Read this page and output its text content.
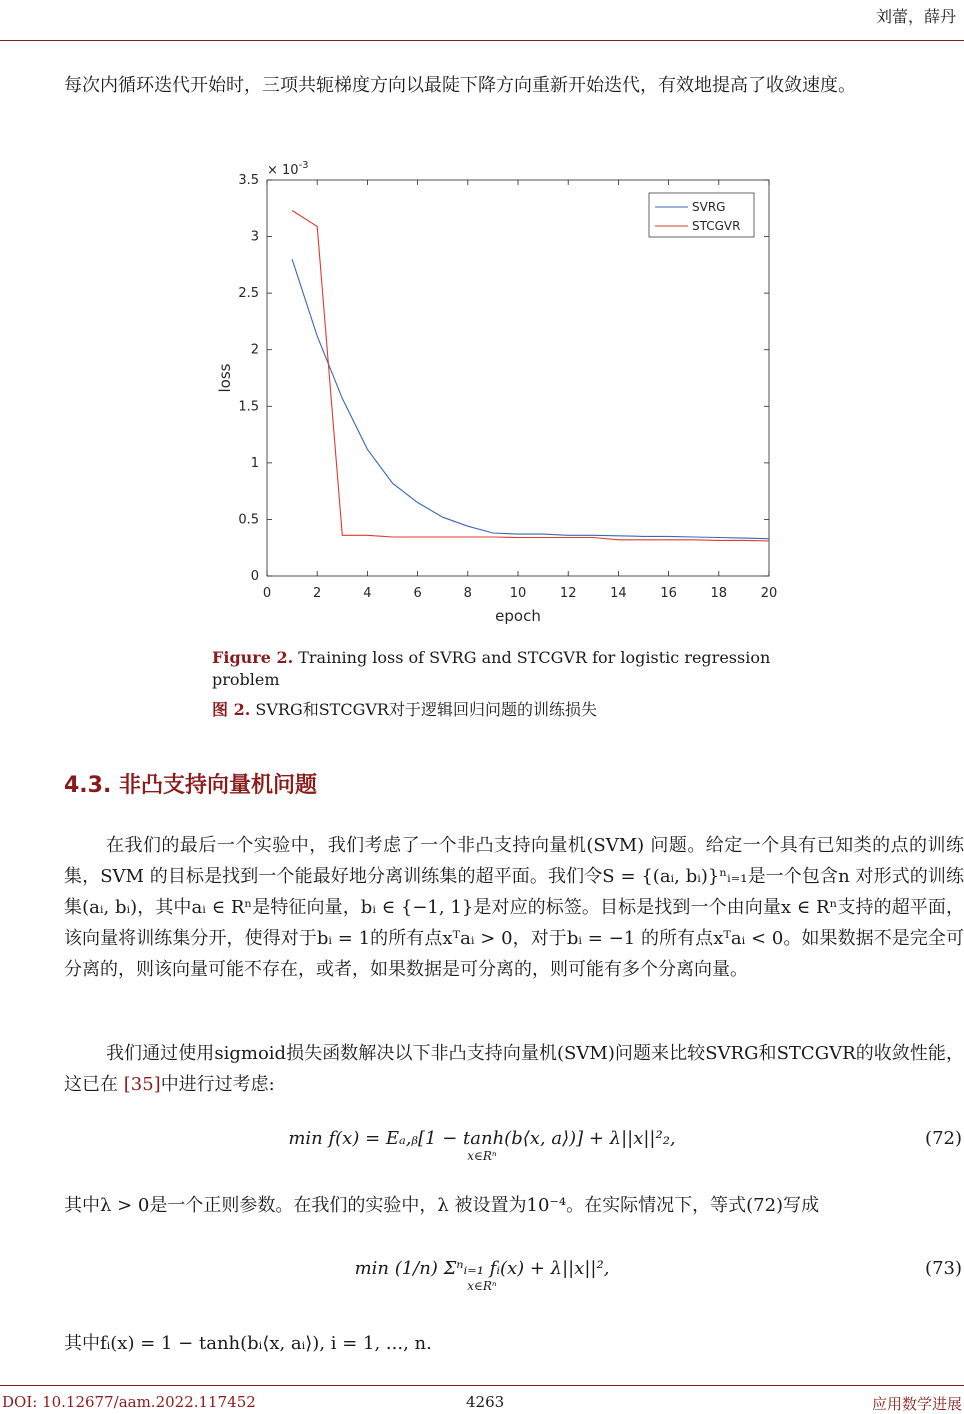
刘蕾，薛丹
每次内循环迭代开始时，三项共轭梯度方向以最陡下降方向重新开始迭代，有效地提高了收敛速度。
0	2	4	6	8	10	12	14	16	18	20
0
0.5
1
1.5
2
2.5
3
3.5
× $10^{-3}$
epoch
loss
SVRG
STCGVR
Figure 2. Training loss of SVRG and STCGVR for logistic regression problem
图 2. SVRG和STCGVR对于逻辑回归问题的训练损失
4.3. 非凸支持向量机问题
在我们的最后一个实验中，我们考虑了一个非凸支持向量机(SVM) 问题。给定一个具有已知类的点的训练集，SVM 的目标是找到一个能最好地分离训练集的超平面。我们令S = {(aᵢ, bᵢ)}ⁿᵢ₌₁是一个包含n 对形式的训练集(aᵢ, bᵢ)，其中aᵢ ∈ Rⁿ是特征向量，bᵢ ∈ {−1, 1}是对应的标签。目标是找到一个由向量x ∈ Rⁿ支持的超平面，该向量将训练集分开，使得对于bᵢ = 1的所有点xᵀaᵢ > 0，对于bᵢ = −1 的所有点xᵀaᵢ < 0。如果数据不是完全可分离的，则该向量可能不存在，或者，如果数据是可分离的，则可能有多个分离向量。
我们通过使用sigmoid损失函数解决以下非凸支持向量机(SVM)问题来比较SVRG和STCGVR的收敛性能，这已在 [35]中进行过考虑:
min f(x) = Eₐ,ᵦ[1 − tanh(b⟨x, a⟩)] + λ||x||²₂,
x∈Rⁿ
(72)
其中λ > 0是一个正则参数。在我们的实验中，λ 被设置为10⁻⁴。在实际情况下，等式(72)写成
min (1/n) Σⁿᵢ₌₁ fᵢ(x) + λ||x||²,
x∈Rⁿ
(73)
其中fᵢ(x) = 1 − tanh(bᵢ⟨x, aᵢ⟩), i = 1, ..., n.
DOI: 10.12677/aam.2022.117452	4263	应用数学进展
